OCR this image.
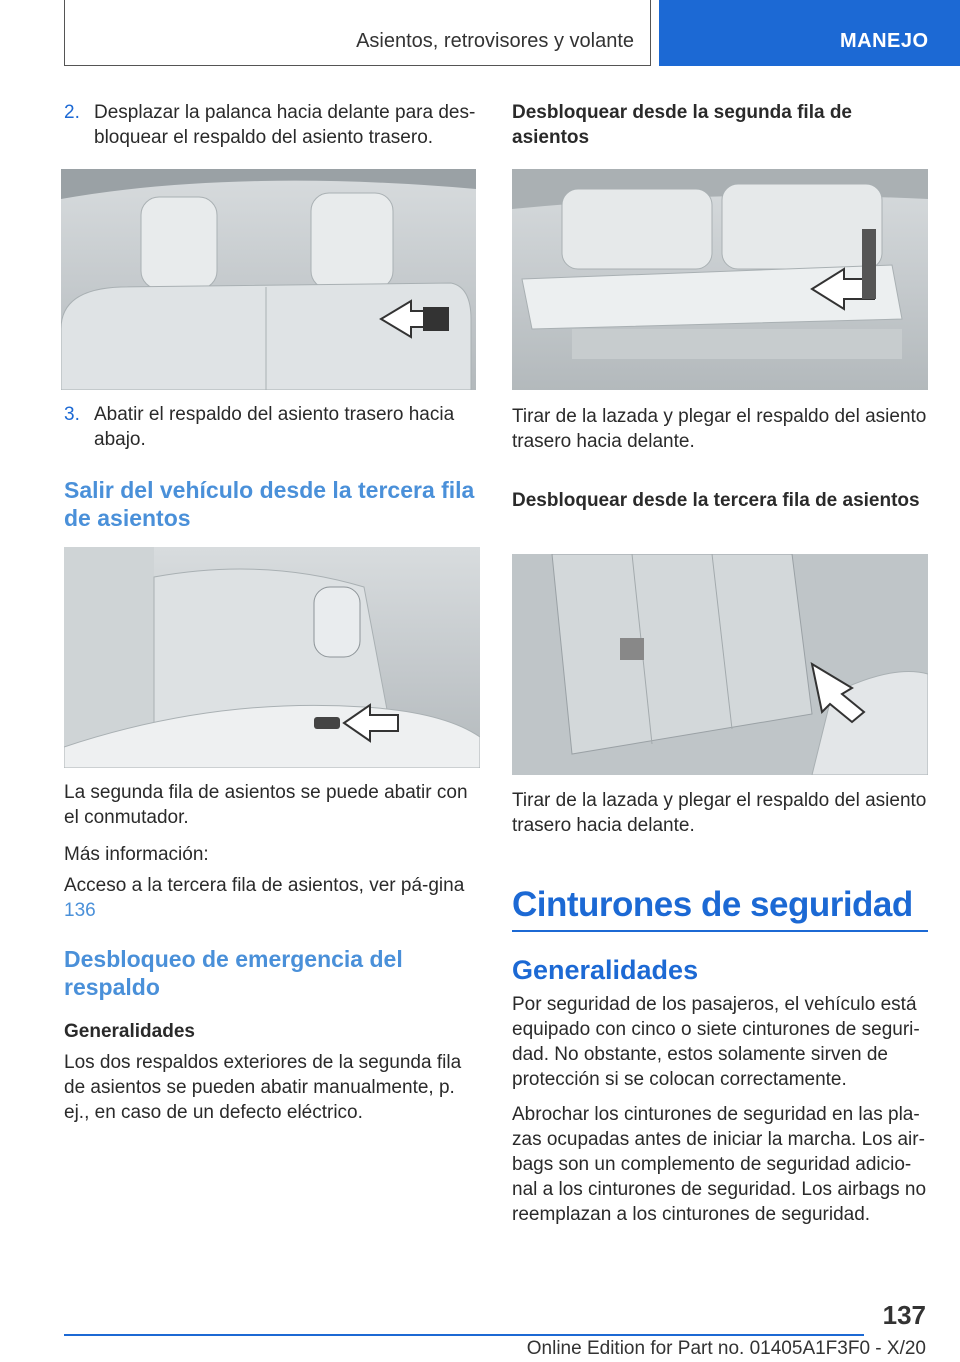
Asientos, retrovisores y volante	MANEJO
2. Desplazar la palanca hacia delante para des‐bloquear el respaldo del asiento trasero.
3. Abatir el respaldo del asiento trasero hacia abajo.
Salir del vehículo desde la tercera fila de asientos
La segunda fila de asientos se puede abatir con el conmutador.
Más información:
Acceso a la tercera fila de asientos, ver pá‐gina 136
Desbloqueo de emergencia del respaldo
Generalidades
Los dos respaldos exteriores de la segunda fila de asientos se pueden abatir manualmente, p. ej., en caso de un defecto eléctrico.
Desbloquear desde la segunda fila de asientos
Tirar de la lazada y plegar el respaldo del asiento trasero hacia delante.
Desbloquear desde la tercera fila de asientos
Tirar de la lazada y plegar el respaldo del asiento trasero hacia delante.
Cinturones de seguridad
Generalidades
Por seguridad de los pasajeros, el vehículo está equipado con cinco o siete cinturones de seguri‐dad. No obstante, estos solamente sirven de protección si se colocan correctamente.
Abrochar los cinturones de seguridad en las pla‐zas ocupadas antes de iniciar la marcha. Los air‐bags son un complemento de seguridad adicio‐nal a los cinturones de seguridad. Los airbags no reemplazan a los cinturones de seguridad.
137
Online Edition for Part no. 01405A1F3F0 - X/20
